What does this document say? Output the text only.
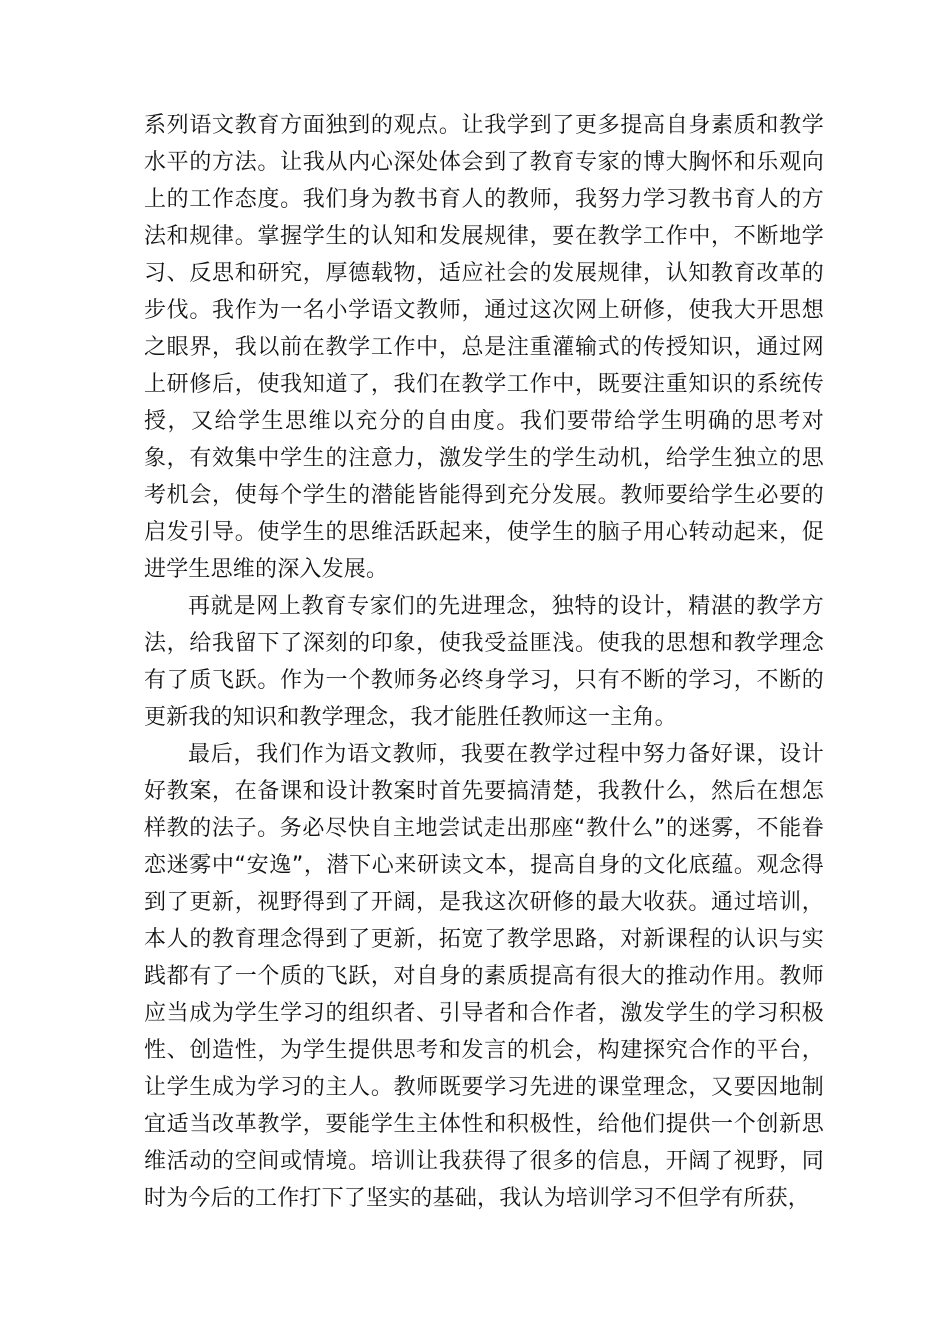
系列语文教育方面独到的观点。让我学到了更多提高自身素质和教学水平的方法。让我从内心深处体会到了教育专家的博大胸怀和乐观向上的工作态度。我们身为教书育人的教师，我努力学习教书育人的方法和规律。掌握学生的认知和发展规律，要在教学工作中，不断地学习、反思和研究，厚德载物，适应社会的发展规律，认知教育改革的步伐。我作为一名小学语文教师，通过这次网上研修，使我大开思想之眼界，我以前在教学工作中，总是注重灌输式的传授知识，通过网上研修后，使我知道了，我们在教学工作中，既要注重知识的系统传授，又给学生思维以充分的自由度。我们要带给学生明确的思考对象，有效集中学生的注意力，激发学生的学生动机，给学生独立的思考机会，使每个学生的潜能皆能得到充分发展。教师要给学生必要的启发引导。使学生的思维活跃起来，使学生的脑子用心转动起来，促进学生思维的深入发展。

再就是网上教育专家们的先进理念，独特的设计，精湛的教学方法，给我留下了深刻的印象，使我受益匪浅。使我的思想和教学理念有了质飞跃。作为一个教师务必终身学习，只有不断的学习，不断的更新我的知识和教学理念，我才能胜任教师这一主角。

最后，我们作为语文教师，我要在教学过程中努力备好课，设计好教案，在备课和设计教案时首先要搞清楚，我教什么，然后在想怎样教的法子。务必尽快自主地尝试走出那座“教什么”的迷雾，不能眷恋迷雾中“安逸”，潜下心来研读文本，提高自身的文化底蕴。观念得到了更新，视野得到了开阔，是我这次研修的最大收获。通过培训，本人的教育理念得到了更新，拓宽了教学思路，对新课程的认识与实践都有了一个质的飞跃，对自身的素质提高有很大的推动作用。教师应当成为学生学习的组织者、引导者和合作者，激发学生的学习积极性、创造性，为学生提供思考和发言的机会，构建探究合作的平台，让学生成为学习的主人。教师既要学习先进的课堂理念，又要因地制宜适当改革教学，要能学生主体性和积极性，给他们提供一个创新思维活动的空间或情境。培训让我获得了很多的信息，开阔了视野，同时为今后的工作打下了坚实的基础，我认为培训学习不但学有所获，
